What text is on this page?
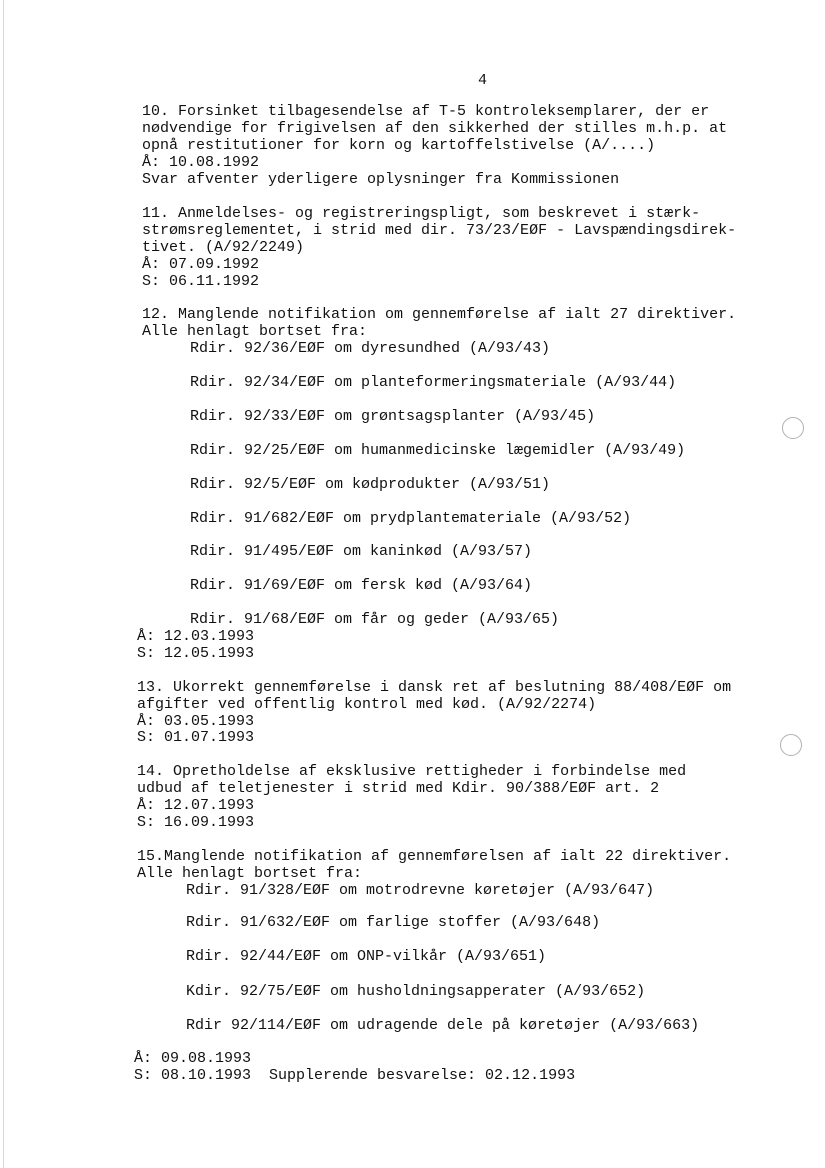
4
10. Forsinket tilbagesendelse af T-5 kontroleksemplarer, der er
nødvendige for frigivelsen af den sikkerhed der stilles m.h.p. at
opnå restitutioner for korn og kartoffelstivelse (A/....)
Å: 10.08.1992
Svar afventer yderligere oplysninger fra Kommissionen
11. Anmeldelses- og registreringspligt, som beskrevet i stærk-
strømsreglementet, i strid med dir. 73/23/EØF - Lavspændingsdirek-
tivet. (A/92/2249)
Å: 07.09.1992
S: 06.11.1992
12. Manglende notifikation om gennemførelse af ialt 27 direktiver.
Alle henlagt bortset fra:
Rdir. 92/36/EØF om dyresundhed (A/93/43)
Rdir. 92/34/EØF om planteformeringsmateriale (A/93/44)
Rdir. 92/33/EØF om grøntsagsplanter (A/93/45)
Rdir. 92/25/EØF om humanmedicinske lægemidler (A/93/49)
Rdir. 92/5/EØF om kødprodukter (A/93/51)
Rdir. 91/682/EØF om prydplantemateriale (A/93/52)
Rdir. 91/495/EØF om kaninkød (A/93/57)
Rdir. 91/69/EØF om fersk kød (A/93/64)
Rdir. 91/68/EØF om får og geder (A/93/65)
Å: 12.03.1993
S: 12.05.1993
13. Ukorrekt gennemførelse i dansk ret af beslutning 88/408/EØF om
afgifter ved offentlig kontrol med kød. (A/92/2274)
Å: 03.05.1993
S: 01.07.1993
14. Opretholdelse af eksklusive rettigheder i forbindelse med
udbud af teletjenester i strid med Kdir. 90/388/EØF art. 2
Å: 12.07.1993
S: 16.09.1993
15.Manglende notifikation af gennemførelsen af ialt 22 direktiver.
Alle henlagt bortset fra:
Rdir. 91/328/EØF om motrodrevne køretøjer (A/93/647)
Rdir. 91/632/EØF om farlige stoffer (A/93/648)
Rdir. 92/44/EØF om ONP-vilkår (A/93/651)
Kdir. 92/75/EØF om husholdningsapperater (A/93/652)
Rdir 92/114/EØF om udragende dele på køretøjer (A/93/663)
Å: 09.08.1993
S: 08.10.1993  Supplerende besvarelse: 02.12.1993
